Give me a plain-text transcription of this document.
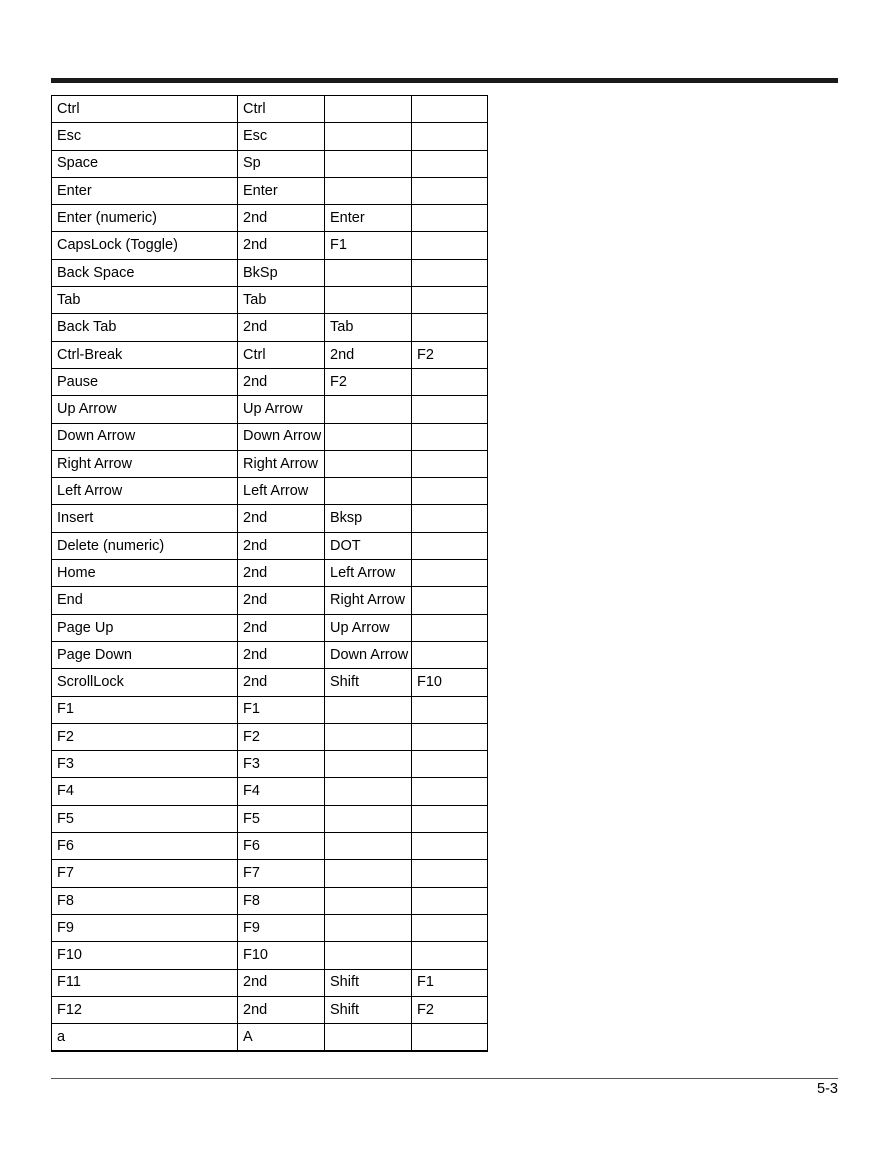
Ctrl	Ctrl		
Esc	Esc		
Space	Sp		
Enter	Enter		
Enter (numeric)	2nd	Enter	
CapsLock (Toggle)	2nd	F1	
Back Space	BkSp		
Tab	Tab		
Back Tab	2nd	Tab	
Ctrl-Break	Ctrl	2nd	F2
Pause	2nd	F2	
Up Arrow	Up Arrow		
Down Arrow	Down Arrow		
Right Arrow	Right Arrow		
Left Arrow	Left Arrow		
Insert	2nd	Bksp	
Delete (numeric)	2nd	DOT	
Home	2nd	Left Arrow	
End	2nd	Right Arrow	
Page Up	2nd	Up Arrow	
Page Down	2nd	Down Arrow	
ScrollLock	2nd	Shift	F10
F1	F1		
F2	F2		
F3	F3		
F4	F4		
F5	F5		
F6	F6		
F7	F7		
F8	F8		
F9	F9		
F10	F10		
F11	2nd	Shift	F1
F12	2nd	Shift	F2
a	A		
5-3
